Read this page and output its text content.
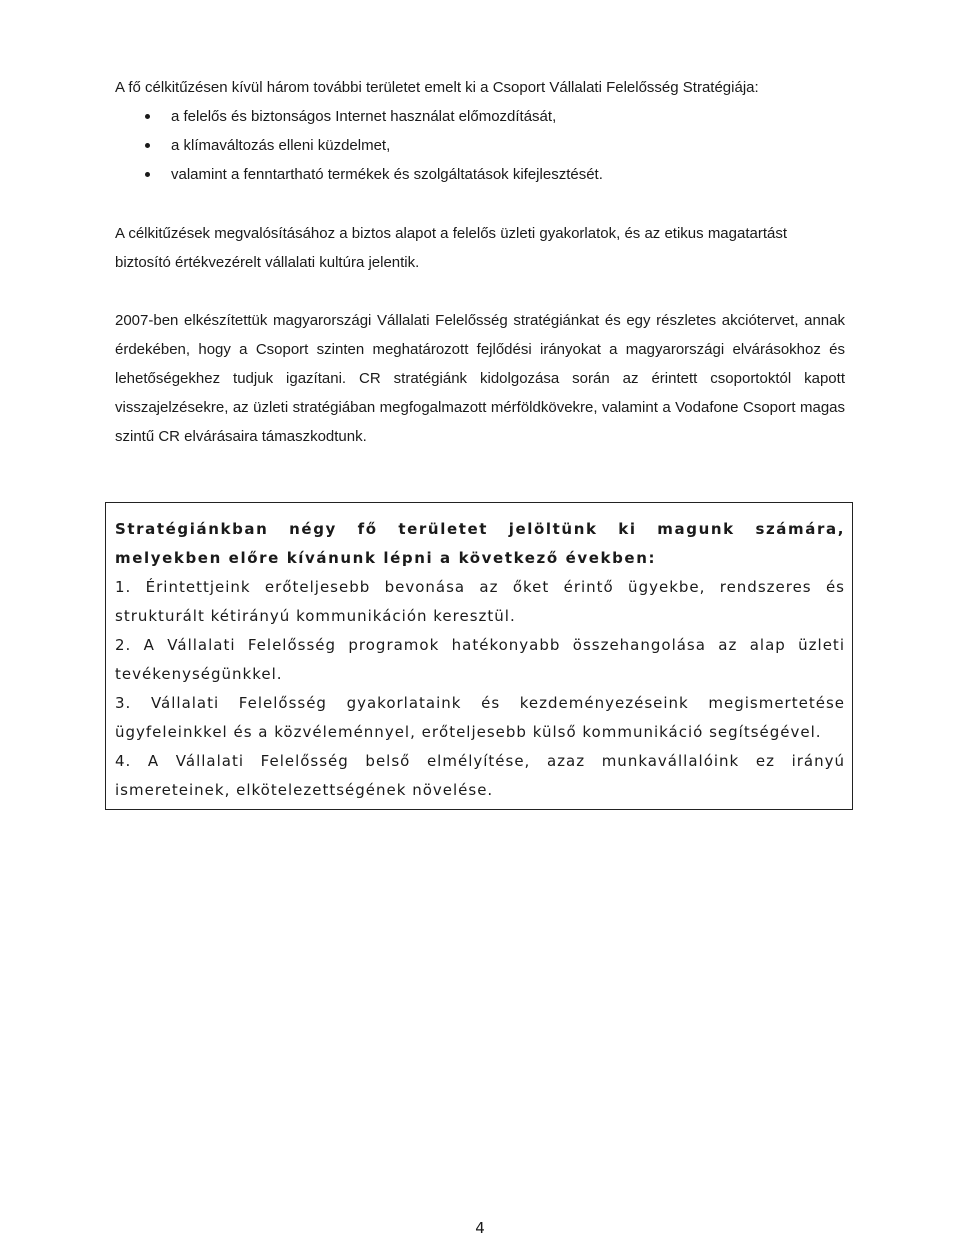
A fő célkitűzésen kívül három további területet emelt ki a Csoport Vállalati Felelősség Stratégiája:

a felelős és biztonságos Internet használat előmozdítását,
a klímaváltozás elleni küzdelmet,
valamint a fenntartható termékek és szolgáltatások kifejlesztését.

A célkitűzések megvalósításához a biztos alapot a felelős üzleti gyakorlatok, és az etikus magatartást biztosító értékvezérelt vállalati kultúra jelentik.

2007-ben elkészítettük magyarországi Vállalati Felelősség stratégiánkat és egy részletes akciótervet, annak érdekében, hogy a Csoport szinten meghatározott fejlődési irányokat a magyarországi elvárásokhoz és lehetőségekhez tudjuk igazítani. CR stratégiánk kidolgozása során az érintett csoportoktól kapott visszajelzésekre, az üzleti stratégiában megfogalmazott mérföldkövekre, valamint a Vodafone Csoport magas szintű CR elvárásaira támaszkodtunk.

Stratégiánkban négy fő területet jelöltünk ki magunk számára, melyekben előre kívánunk lépni a következő években:

1. Érintettjeink erőteljesebb bevonása az őket érintő ügyekbe, rendszeres és strukturált kétirányú kommunikáción keresztül.

2. A Vállalati Felelősség programok hatékonyabb összehangolása az alap üzleti tevékenységünkkel.

3. Vállalati Felelősség gyakorlataink és kezdeményezéseink megismertetése ügyfeleinkkel és a közvéleménnyel, erőteljesebb külső kommunikáció segítségével.

4. A Vállalati Felelősség belső elmélyítése, azaz munkavállalóink ez irányú ismereteinek, elkötelezettségének növelése.

4
